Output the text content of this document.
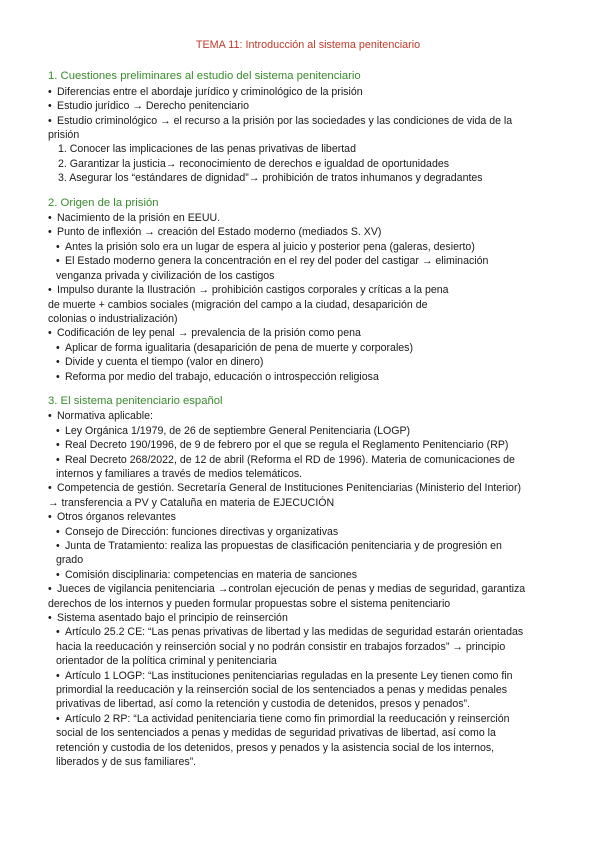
TEMA 11: Introducción al sistema penitenciario
1. Cuestiones preliminares al estudio del sistema penitenciario
• Diferencias entre el abordaje jurídico y criminológico de la prisión
• Estudio jurídico → Derecho penitenciario
• Estudio criminológico → el recurso a la prisión por las sociedades y las condiciones de vida de la
prisión
1. Conocer las implicaciones de las penas privativas de libertad
2. Garantizar la justicia→ reconocimiento de derechos e igualdad de oportunidades
3. Asegurar los “estándares de dignidad”→ prohibición de tratos inhumanos y degradantes
2. Origen de la prisión
• Nacimiento de la prisión en EEUU.
• Punto de inflexión → creación del Estado moderno (mediados S. XV)
• Antes la prisión solo era un lugar de espera al juicio y posterior pena (galeras, desierto)
• El Estado moderno genera la concentración en el rey del poder del castigar → eliminación
venganza privada y civilización de los castigos
• Impulso durante la Ilustración → prohibición castigos corporales y críticas a la pena
de muerte + cambios sociales (migración del campo a la ciudad, desaparición de
colonias o industrialización)
• Codificación de ley penal → prevalencia de la prisión como pena
• Aplicar de forma igualitaria (desaparición de pena de muerte y corporales)
• Divide y cuenta el tiempo (valor en dinero)
• Reforma por medio del trabajo, educación o introspección religiosa
3. El sistema penitenciario español
• Normativa aplicable:
• Ley Orgánica 1/1979, de 26 de septiembre General Penitenciaria (LOGP)
• Real Decreto 190/1996, de 9 de febrero por el que se regula el Reglamento Penitenciario (RP)
• Real Decreto 268/2022, de 12 de abril (Reforma el RD de 1996). Materia de comunicaciones de
internos y familiares a través de medios telemáticos.
• Competencia de gestión. Secretaría General de Instituciones Penitenciarias (Ministerio del Interior)
→ transferencia a PV y Cataluña en materia de EJECUCIÓN
• Otros órganos relevantes
• Consejo de Dirección: funciones directivas y organizativas
• Junta de Tratamiento: realiza las propuestas de clasificación penitenciaria y de progresión en
grado
• Comisión disciplinaria: competencias en materia de sanciones
• Jueces de vigilancia penitenciaria →controlan ejecución de penas y medias de seguridad, garantiza
derechos de los internos y pueden formular propuestas sobre el sistema penitenciario
• Sistema asentado bajo el principio de reinserción
• Artículo 25.2 CE: “Las penas privativas de libertad y las medidas de seguridad estarán orientadas
hacia la reeducación y reinserción social y no podrán consistir en trabajos forzados” → principio
orientador de la política criminal y penitenciaria
• Artículo 1 LOGP: “Las instituciones penitenciarias reguladas en la presente Ley tienen como fin
primordial la reeducación y la reinserción social de los sentenciados a penas y medidas penales
privativas de libertad, así como la retención y custodia de detenidos, presos y penados”.
• Artículo 2 RP: “La actividad penitenciaria tiene como fin primordial la reeducación y reinserción
social de los sentenciados a penas y medidas de seguridad privativas de libertad, así como la
retención y custodia de los detenidos, presos y penados y la asistencia social de los internos,
liberados y de sus familiares”.
